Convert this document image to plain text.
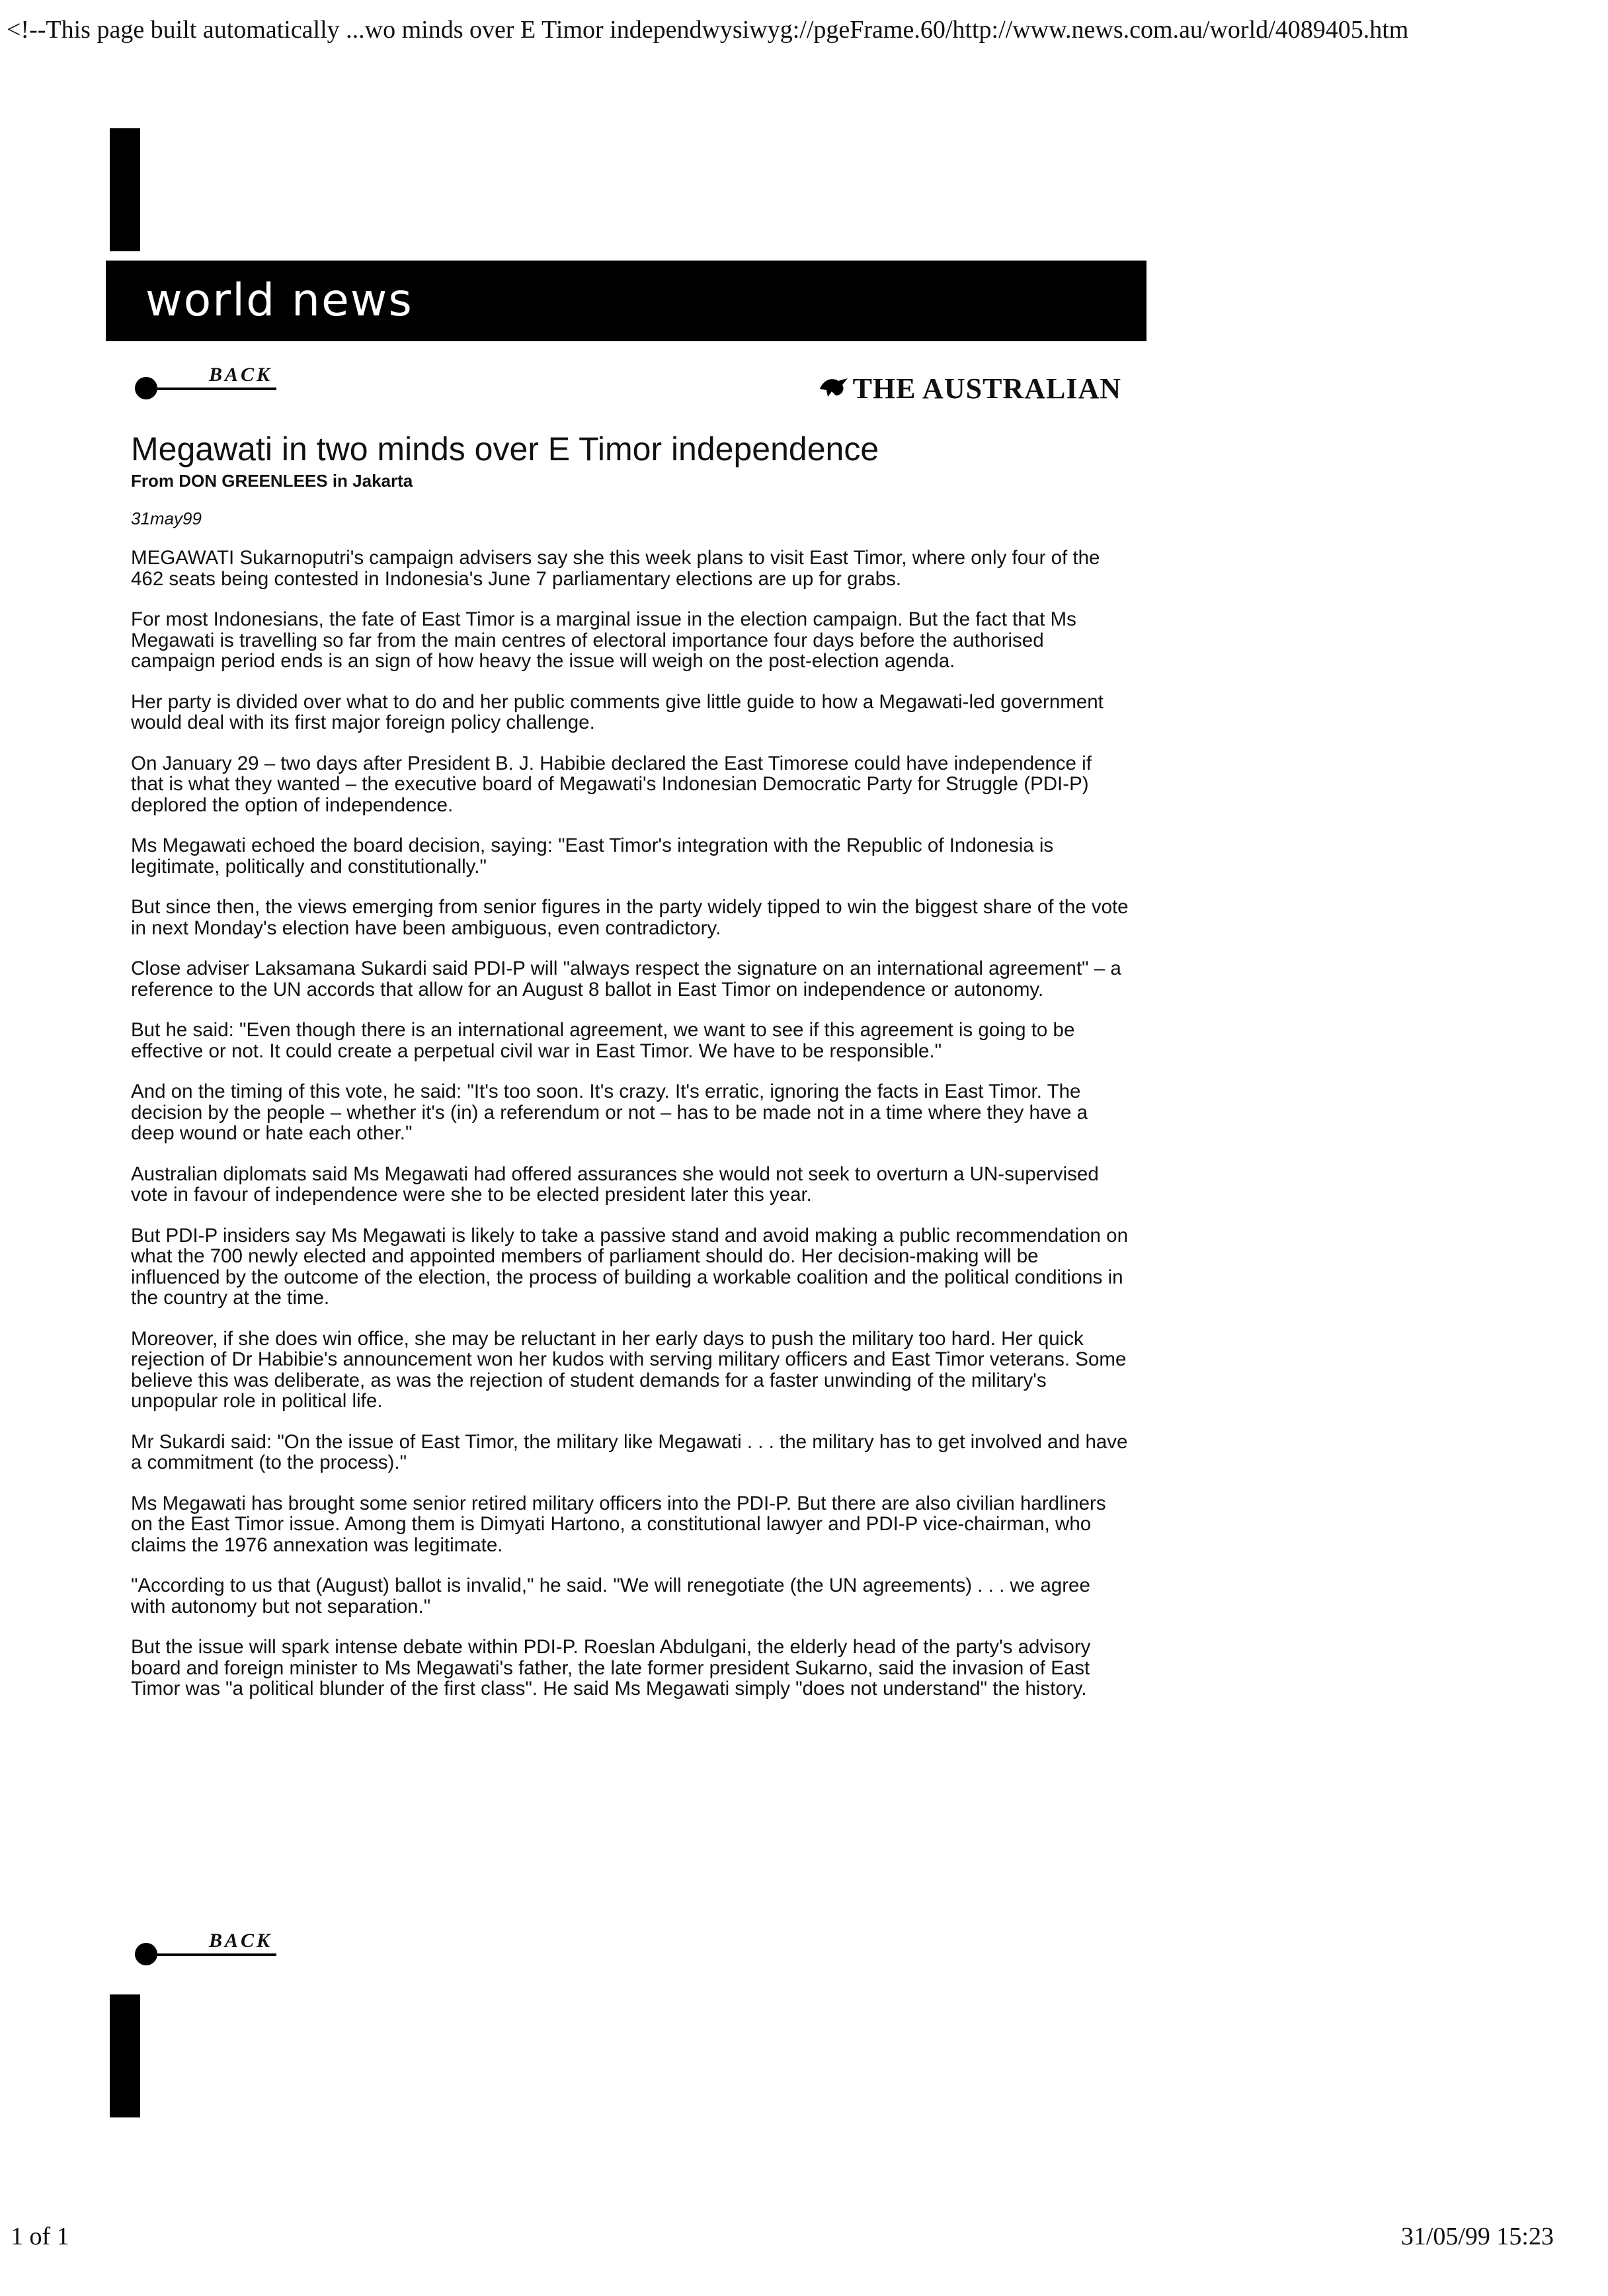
<!--This page built automatically ...wo minds over E Timor independwysiwyg://pgeFrame.60/http://www.news.com.au/world/4089405.htm
world news
BACK	THE AUSTRALIAN
Megawati in two minds over E Timor independence
From DON GREENLEES in Jakarta
31may99

MEGAWATI Sukarnoputri's campaign advisers say she this week plans to visit East Timor, where only four of the 462 seats being contested in Indonesia's June 7 parliamentary elections are up for grabs.

For most Indonesians, the fate of East Timor is a marginal issue in the election campaign. But the fact that Ms Megawati is travelling so far from the main centres of electoral importance four days before the authorised campaign period ends is an sign of how heavy the issue will weigh on the post-election agenda.

Her party is divided over what to do and her public comments give little guide to how a Megawati-led government would deal with its first major foreign policy challenge.

On January 29 – two days after President B. J. Habibie declared the East Timorese could have independence if that is what they wanted – the executive board of Megawati's Indonesian Democratic Party for Struggle (PDI-P) deplored the option of independence.

Ms Megawati echoed the board decision, saying: "East Timor's integration with the Republic of Indonesia is legitimate, politically and constitutionally."

But since then, the views emerging from senior figures in the party widely tipped to win the biggest share of the vote in next Monday's election have been ambiguous, even contradictory.

Close adviser Laksamana Sukardi said PDI-P will "always respect the signature on an international agreement" – a reference to the UN accords that allow for an August 8 ballot in East Timor on independence or autonomy.

But he said: "Even though there is an international agreement, we want to see if this agreement is going to be effective or not. It could create a perpetual civil war in East Timor. We have to be responsible."

And on the timing of this vote, he said: "It's too soon. It's crazy. It's erratic, ignoring the facts in East Timor. The decision by the people – whether it's (in) a referendum or not – has to be made not in a time where they have a deep wound or hate each other."

Australian diplomats said Ms Megawati had offered assurances she would not seek to overturn a UN-supervised vote in favour of independence were she to be elected president later this year.

But PDI-P insiders say Ms Megawati is likely to take a passive stand and avoid making a public recommendation on what the 700 newly elected and appointed members of parliament should do. Her decision-making will be influenced by the outcome of the election, the process of building a workable coalition and the political conditions in the country at the time.

Moreover, if she does win office, she may be reluctant in her early days to push the military too hard. Her quick rejection of Dr Habibie's announcement won her kudos with serving military officers and East Timor veterans. Some believe this was deliberate, as was the rejection of student demands for a faster unwinding of the military's unpopular role in political life.

Mr Sukardi said: "On the issue of East Timor, the military like Megawati . . . the military has to get involved and have a commitment (to the process)."

Ms Megawati has brought some senior retired military officers into the PDI-P. But there are also civilian hardliners on the East Timor issue. Among them is Dimyati Hartono, a constitutional lawyer and PDI-P vice-chairman, who claims the 1976 annexation was legitimate.

"According to us that (August) ballot is invalid," he said. "We will renegotiate (the UN agreements) . . . we agree with autonomy but not separation."

But the issue will spark intense debate within PDI-P. Roeslan Abdulgani, the elderly head of the party's advisory board and foreign minister to Ms Megawati's father, the late former president Sukarno, said the invasion of East Timor was "a political blunder of the first class". He said Ms Megawati simply "does not understand" the history.

BACK
1 of 1	31/05/99 15:23
